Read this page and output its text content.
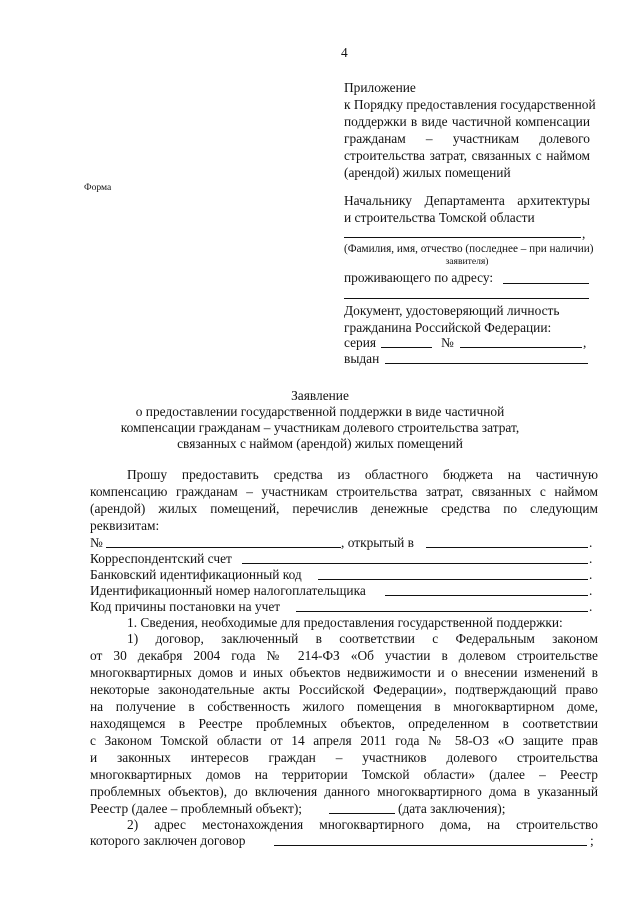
4
Приложение
к Порядку предоставления государственной
поддержки в виде частичной компенсации
гражданам – участникам долевого
строительства затрат, связанных с наймом
(арендой) жилых помещений
Форма
Начальнику Департамента архитектуры
и строительства Томской области
,
(Фамилия, имя, отчество (последнее – при наличии)
заявителя)
проживающего по адресу:
Документ, удостоверяющий личность
гражданина Российской Федерации:
серия	№	,
выдан
Заявление
о предоставлении государственной поддержки в виде частичной
компенсации гражданам – участникам долевого строительства затрат,
связанных с наймом (арендой) жилых помещений
Прошу предоставить средства из областного бюджета на частичную
компенсацию гражданам – участникам строительства затрат, связанных с наймом
(арендой) жилых помещений, перечислив денежные средства по следующим
реквизитам:
№	, открытый в	.
Корреспондентский счет	.
Банковский идентификационный код	.
Идентификационный номер налогоплательщика	.
Код причины постановки на учет	.
1. Сведения, необходимые для предоставления государственной поддержки:
1) договор, заключенный в соответствии с Федеральным законом
от 30 декабря 2004 года № 214-ФЗ «Об участии в долевом строительстве
многоквартирных домов и иных объектов недвижимости и о внесении изменений в
некоторые законодательные акты Российской Федерации», подтверждающий право
на получение в собственность жилого помещения в многоквартирном доме,
находящемся в Реестре проблемных объектов, определенном в соответствии
с Законом Томской области от 14 апреля 2011 года № 58-ОЗ «О защите прав
и законных интересов граждан – участников долевого строительства
многоквартирных домов на территории Томской области» (далее – Реестр
проблемных объектов), до включения данного многоквартирного дома в указанный
Реестр (далее – проблемный объект);	(дата заключения);
2) адрес местонахождения многоквартирного дома, на строительство
которого заключен договор	;
